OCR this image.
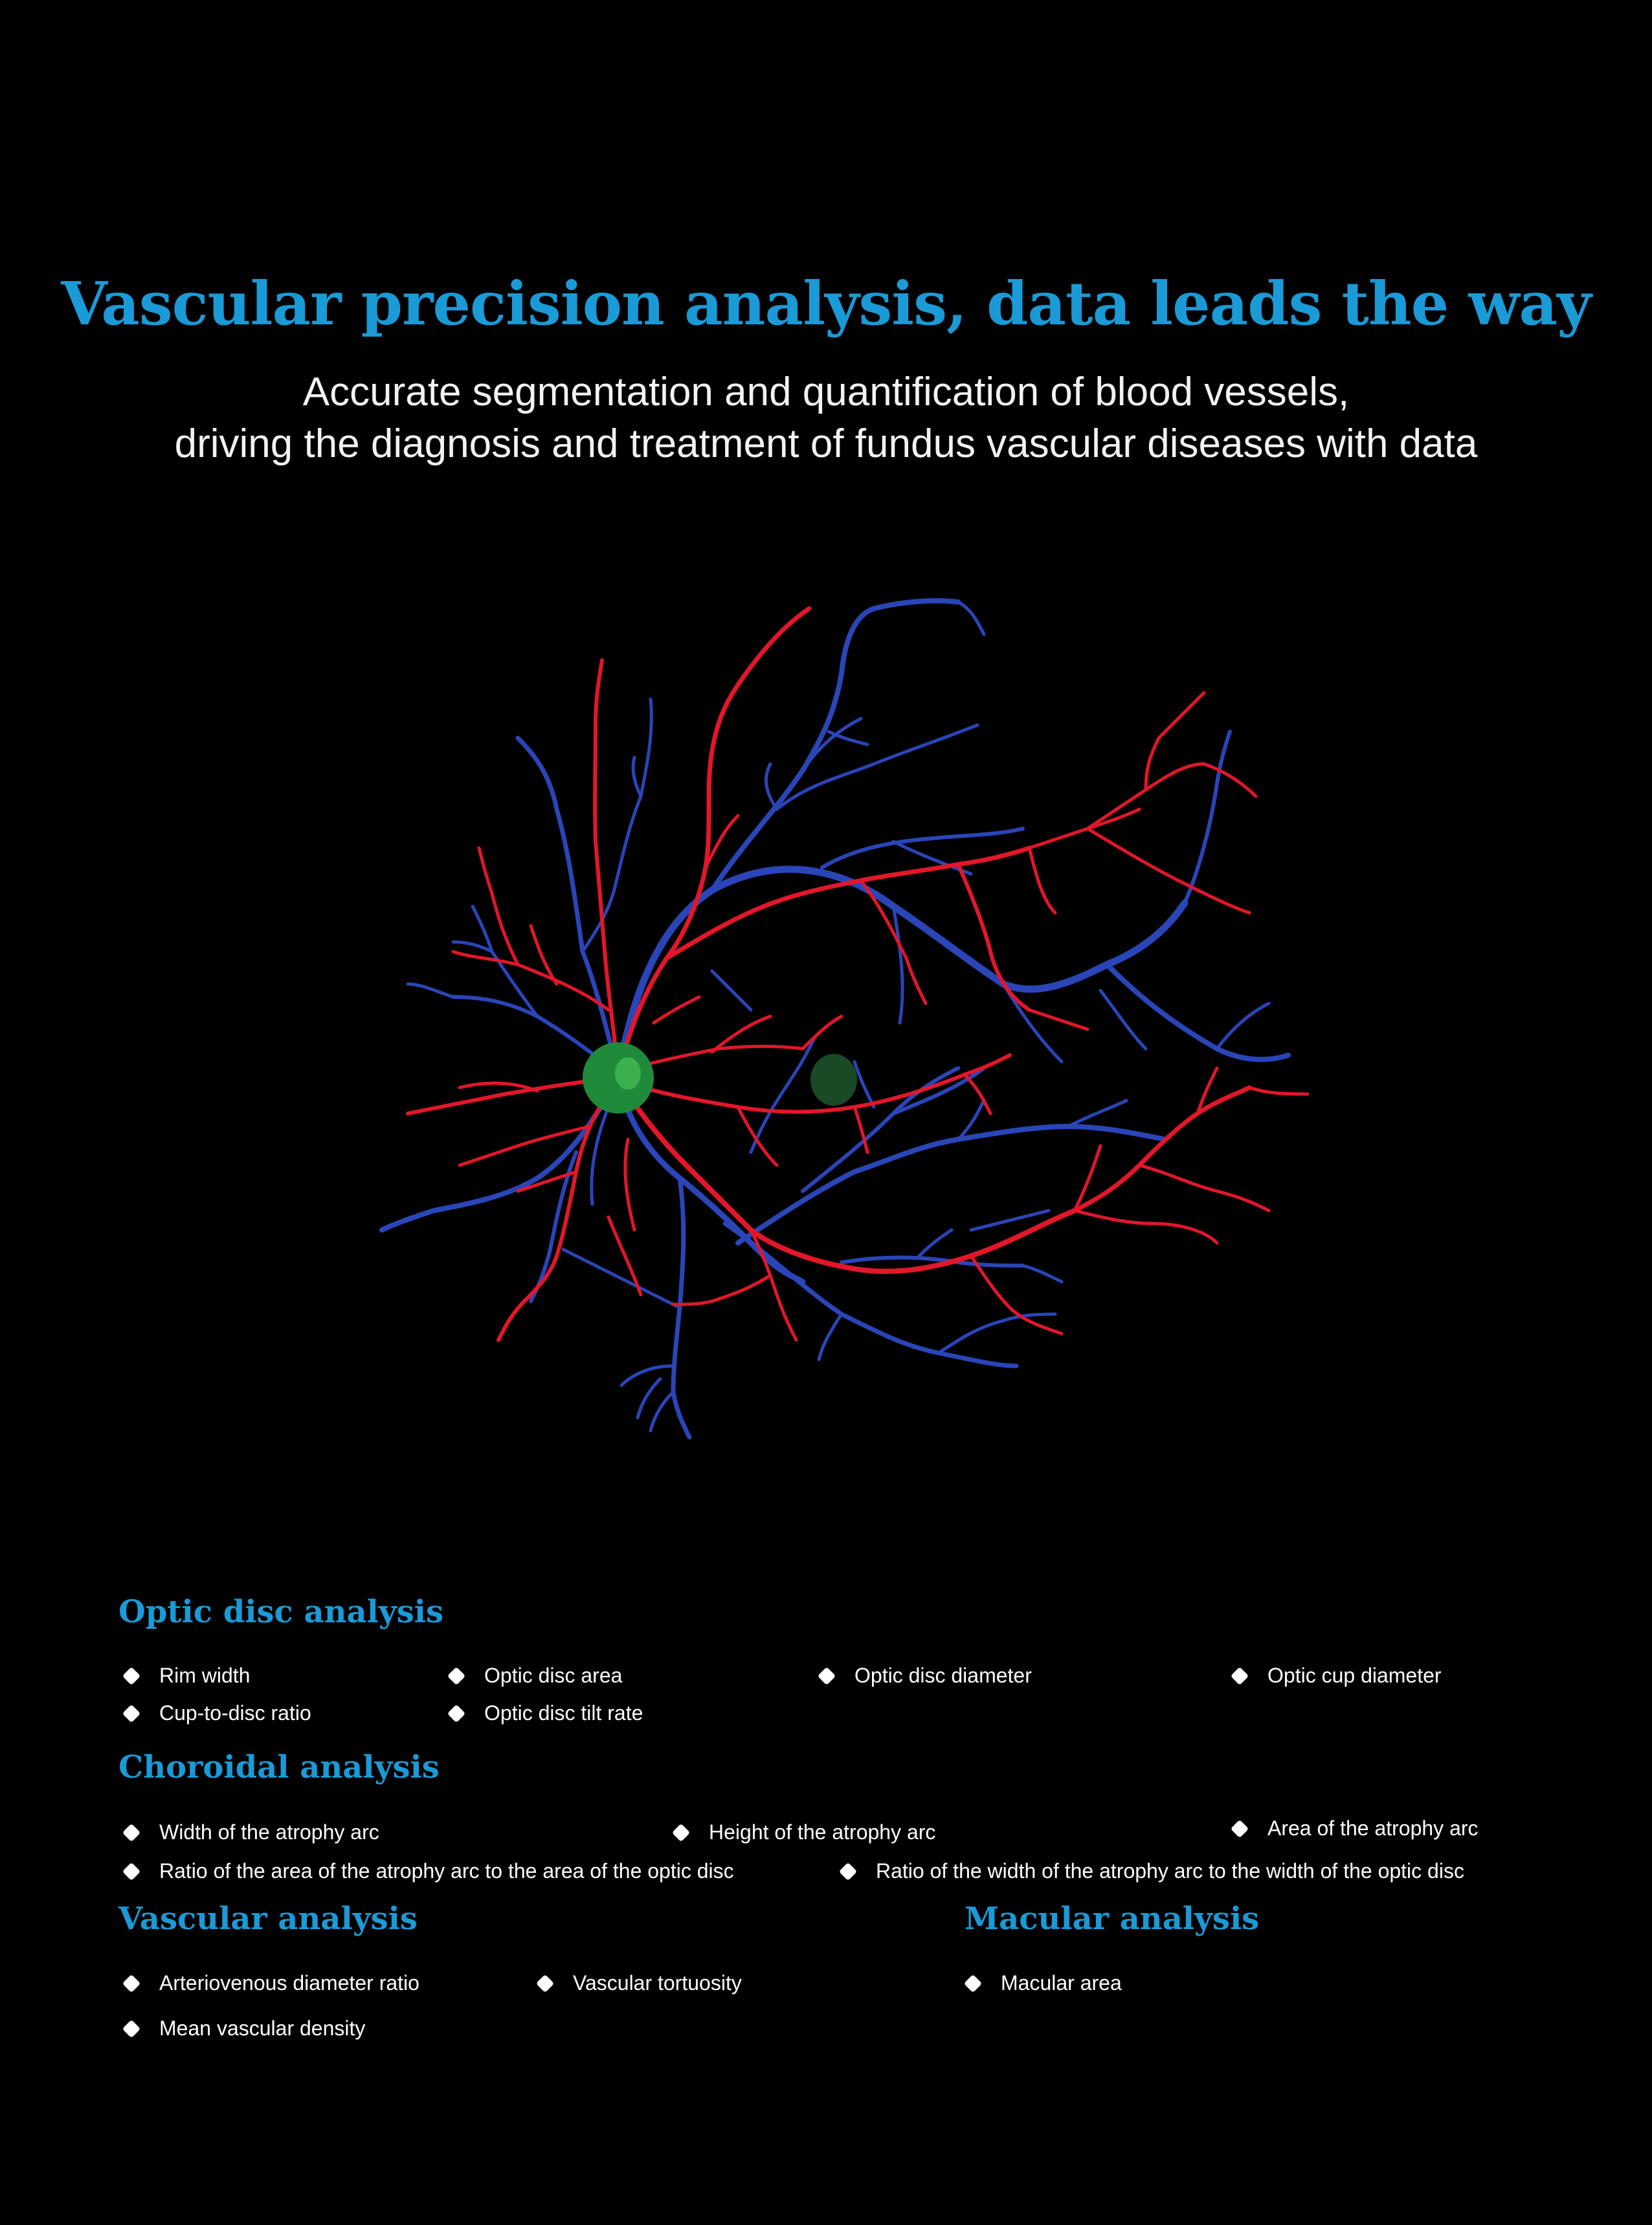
Vascular precision analysis, data leads the way
Accurate segmentation and quantification of blood vessels,
driving the diagnosis and treatment of fundus vascular diseases with data
Optic disc analysis
Rim width	Optic disc area	Optic disc diameter	Optic cup diameter
Cup-to-disc ratio	Optic disc tilt rate
Choroidal analysis
Width of the atrophy arc	Height of the atrophy arc	Area of the atrophy arc
Ratio of the area of the atrophy arc to the area of the optic disc	Ratio of the width of the atrophy arc to the width of the optic disc
Vascular analysis
Arteriovenous diameter ratio	Vascular tortuosity
Mean vascular density
Macular analysis
Macular area
